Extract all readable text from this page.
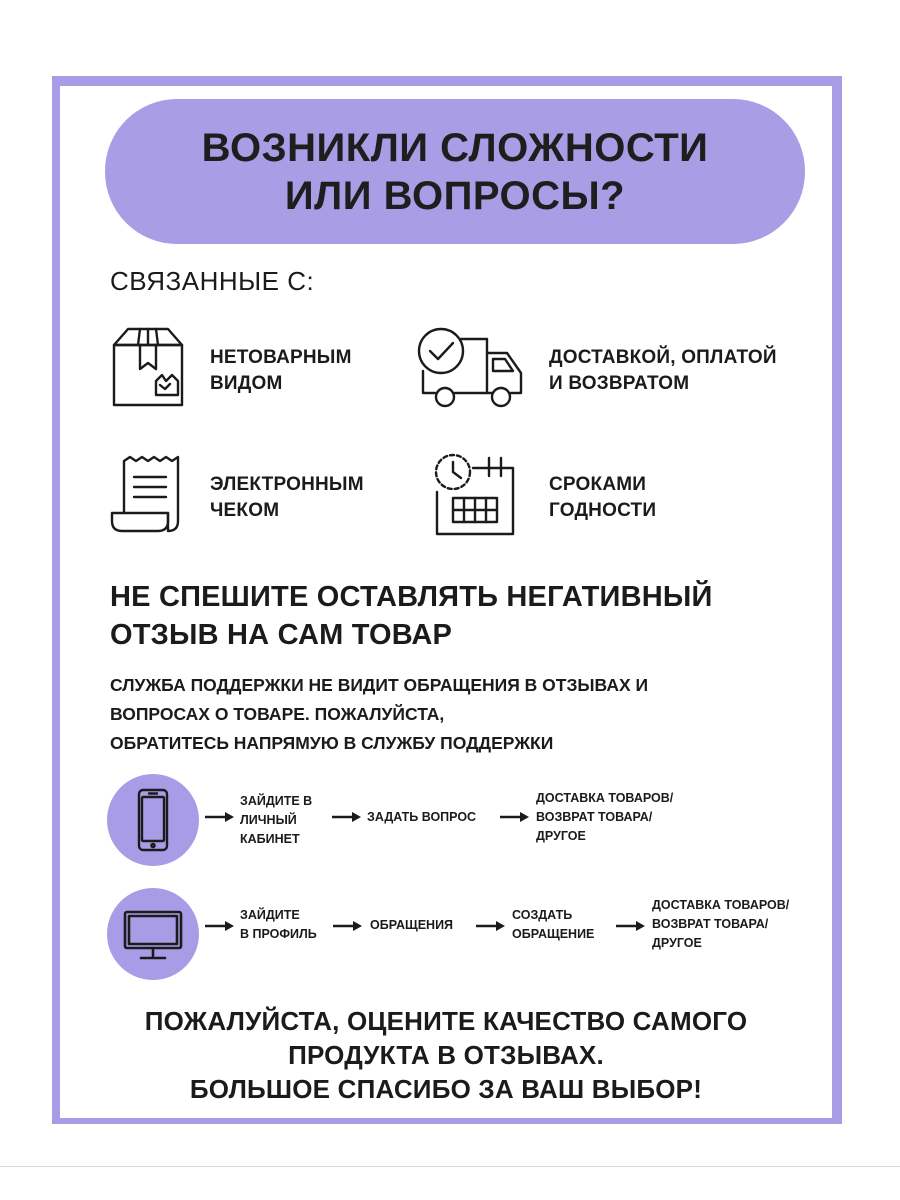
ВОЗНИКЛИ СЛОЖНОСТИ
ИЛИ ВОПРОСЫ?
СВЯЗАННЫЕ С:
НЕТОВАРНЫМ
ВИДОМ
ДОСТАВКОЙ, ОПЛАТОЙ
И ВОЗВРАТОМ
ЭЛЕКТРОННЫМ
ЧЕКОМ
СРОКАМИ
ГОДНОСТИ
НЕ СПЕШИТЕ ОСТАВЛЯТЬ НЕГАТИВНЫЙ
ОТЗЫВ НА САМ ТОВАР
СЛУЖБА ПОДДЕРЖКИ НЕ ВИДИТ ОБРАЩЕНИЯ В ОТЗЫВАХ И
ВОПРОСАХ О ТОВАРЕ. ПОЖАЛУЙСТА,
ОБРАТИТЕСЬ НАПРЯМУЮ В СЛУЖБУ ПОДДЕРЖКИ
ЗАЙДИТЕ В
ЛИЧНЫЙ
КАБИНЕТ
ЗАДАТЬ ВОПРОС
ДОСТАВКА ТОВАРОВ/
ВОЗВРАТ ТОВАРА/
ДРУГОЕ
ЗАЙДИТЕ
В ПРОФИЛЬ
ОБРАЩЕНИЯ
СОЗДАТЬ
ОБРАЩЕНИЕ
ДОСТАВКА ТОВАРОВ/
ВОЗВРАТ ТОВАРА/
ДРУГОЕ
ПОЖАЛУЙСТА, ОЦЕНИТЕ КАЧЕСТВО САМОГО
ПРОДУКТА В ОТЗЫВАХ.
БОЛЬШОЕ СПАСИБО ЗА ВАШ ВЫБОР!
